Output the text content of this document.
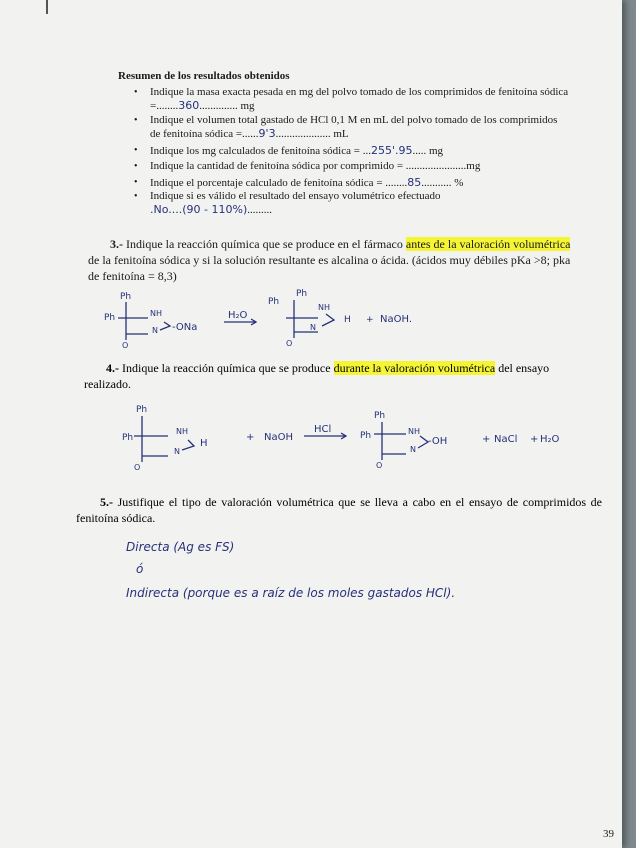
Resumen de los resultados obtenidos
• Indique la masa exacta pesada en mg del polvo tomado de los comprimidos de fenitoína sódica =........360.............. mg
• Indique el volumen total gastado de HCl 0,1 M en mL del polvo tomado de los comprimidos de fenitoína sódica =......9'3.................... mL
• Indique los mg calculados de fenitoína sódica = ...255'.95..... mg
• Indique la cantidad de fenitoína sódica por comprimido = ......................mg
• Indique el porcentaje calculado de fenitoína sódica = ........85........... %
• Indique si es válido el resultado del ensayo volumétrico efectuado
.No....(90 - 110%).........
3.- Indique la reacción química que se produce en el fármaco antes de la valoración volumétrica de la fenitoína sódica y si la solución resultante es alcalina o ácida. (ácidos muy débiles pKa >8; pka de fenitoína = 8,3)
Ph
Ph	NH
N -ONa
O
H₂O
Ph
Ph
NH
N
H + NaOH.
O
4.- Indique la reacción química que se produce durante la valoración volumétrica del ensayo realizado.
Ph
Ph
NH
N
H
O
+ NaOH
HCl
Ph
Ph	NH
N
-OH
O
+ NaCl + H₂O
5.- Justifique el tipo de valoración volumétrica que se lleva a cabo en el ensayo de comprimidos de fenitoína sódica.
Directa (Ag es FS)
ó
Indirecta (porque es a raíz de los moles gastados HCl).
39
